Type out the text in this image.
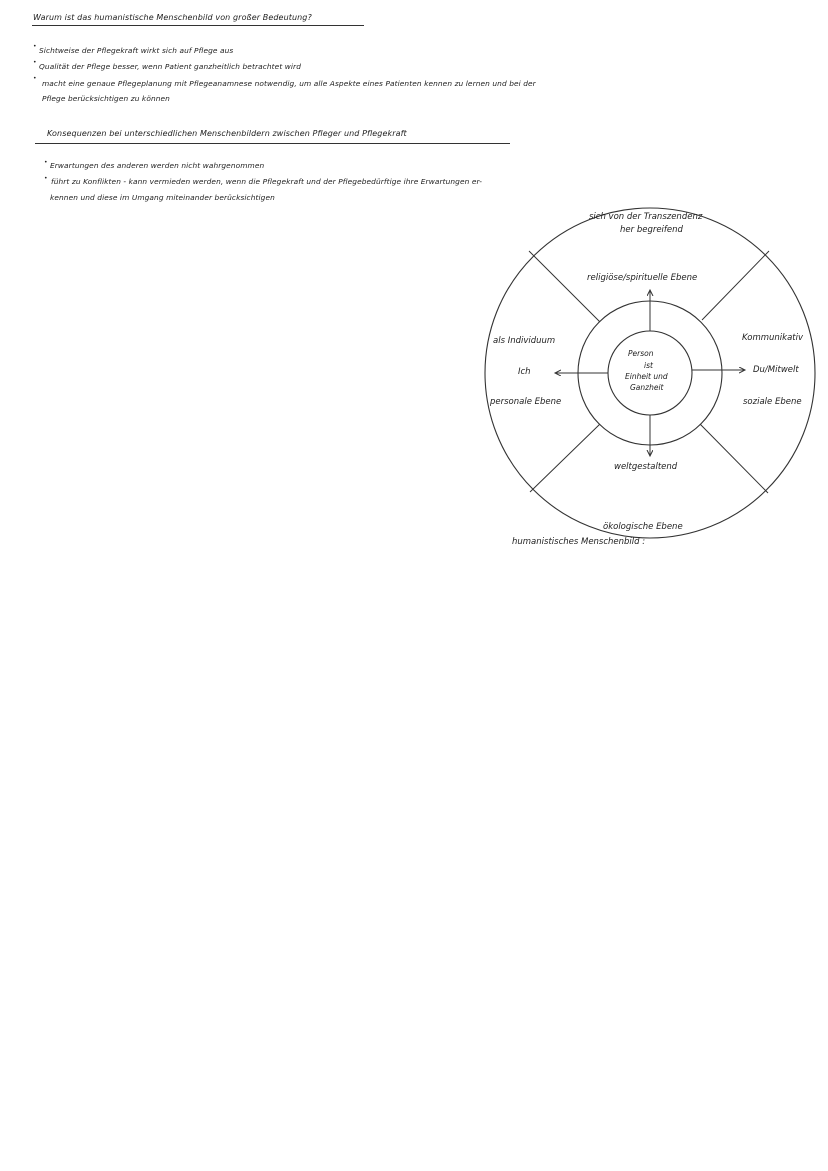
Warum ist das humanistische Menschenbild von großer Bedeutung?
• Sichtweise der Pflegekraft wirkt sich auf Pflege aus
• Qualität der Pflege besser, wenn Patient ganzheitlich betrachtet wird
•
macht eine genaue Pflegeplanung mit Pflegeanamnese notwendig, um alle Aspekte eines Patienten kennen zu lernen und bei der
Pflege berücksichtigen zu können
Konsequenzen bei unterschiedlichen Menschenbildern zwischen Pfleger und Pflegekraft
• Erwartungen des anderen werden nicht wahrgenommen
• führt zu Konflikten - kann vermieden werden, wenn die Pflegekraft und der Pflegebedürftige ihre Erwartungen er-
kennen und diese im Umgang miteinander berücksichtigen
sich von der Transzendenz
her begreifend
religiöse/spirituelle Ebene
als Individuum
Ich
personale Ebene
Kommunikativ
Du/Mitwelt
soziale Ebene
Person
ist
Einheit und
Ganzheit
weltgestaltend
ökologische Ebene
humanistisches Menschenbild :
